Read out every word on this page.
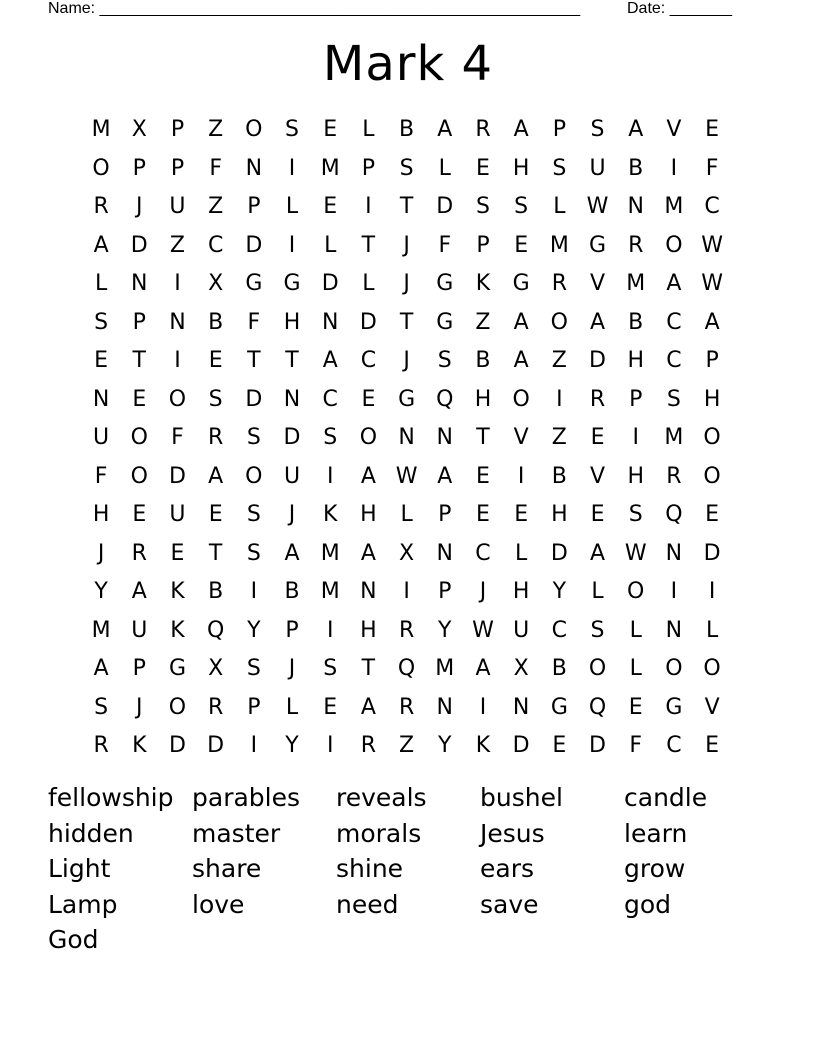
Name: ______________________________________________________	Date: _______
Mark 4
M X	P	Z O	S	E	L	B	A	R	A	P	S	A	V	E
O	P	P	F	N	I	M	P	S	L	E	H	S	U	B	I	F
R	J	U	Z	P	L	E	I	T	D	S	S	L W N M C
A	D	Z	C	D	I	L	T	J	F	P	E M G	R O W
L	N	I	X	G G D	L	J	G	K	G	R	V M A W
S	P	N	B	F	H N D	T	G	Z	A O	A	B	C	A
E	T	I	E	T	T	A	C	J	S	B	A	Z	D H	C	P
N	E	O	S	D N	C	E	G Q H O	I	R	P	S	H
U O	F	R	S	D	S	O N N	T	V	Z	E	I	M O
F	O D	A O U	I	A W A	E	I	B	V	H	R O
H	E	U	E	S	J	K	H	L	P	E	E	H	E	S	Q	E
J	R	E	T	S	A M A	X	N	C	L	D	A W N D
Y	A	K	B	I	B M N	I	P	J	H	Y	L	O	I	I
M U	K	Q	Y	P	I	H	R	Y W U	C	S	L	N	L
A	P	G	X	S	J	S	T	Q M A	X	B O	L	O O
S	J	O R	P	L	E	A	R	N	I	N G Q	E	G	V
R	K	D D	I	Y	I	R	Z	Y	K	D	E	D	F	C	E
fellowship parables	reveals	bushel	candle
hidden	master	morals	Jesus	learn
Light	share	shine	ears	grow
Lamp	love	need	save	god
God
